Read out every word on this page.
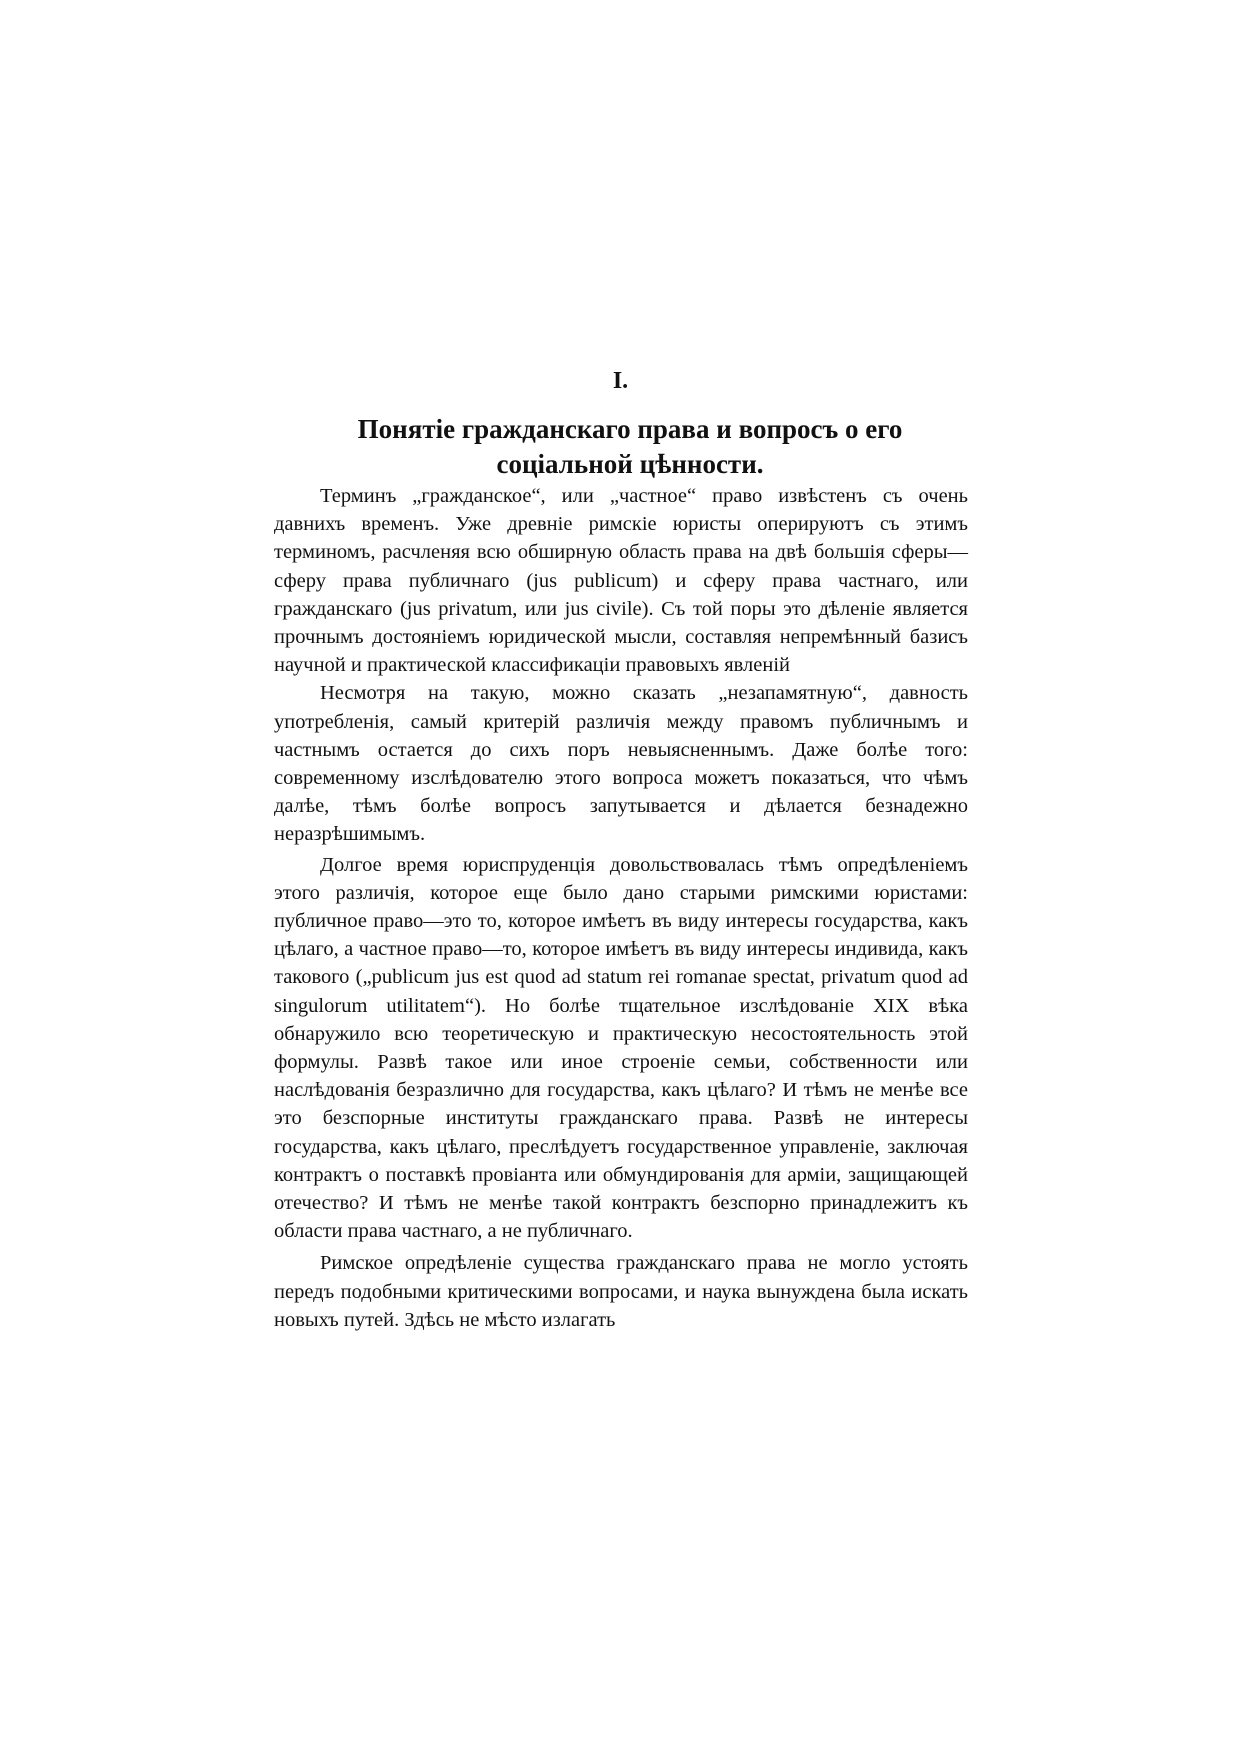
I.
Понятіе гражданскаго права и вопросъ о его
соціальной цѣнности.

Терминъ „гражданское“, или „частное“ право извѣстенъ съ очень давнихъ временъ. Уже древніе римскіе юристы оперируютъ съ этимъ терминомъ, расчленяя всю обширную область права на двѣ большія сферы—сферу права публичнаго (jus publicum) и сферу права частнаго, или гражданскаго (jus privatum, или jus civile). Съ той поры это дѣленіе является прочнымъ достояніемъ юридической мысли, составляя непремѣнный базисъ научной и практической классификаціи правовыхъ явленій

Несмотря на такую, можно сказать „незапамятную“, давность употребленія, самый критерій различія между правомъ публичнымъ и частнымъ остается до сихъ поръ невыясненнымъ. Даже болѣе того: современному изслѣдователю этого вопроса можетъ показаться, что чѣмъ далѣе, тѣмъ болѣе вопросъ запутывается и дѣлается безнадежно неразрѣшимымъ.

Долгое время юриспруденція довольствовалась тѣмъ опредѣленіемъ этого различія, которое еще было дано старыми римскими юристами: публичное право—это то, которое имѣетъ въ виду интересы государства, какъ цѣлаго, а частное право—то, которое имѣетъ въ виду интересы индивида, какъ такового („publicum jus est quod ad statum rei romanae spectat, privatum quod ad singulorum utilitatem“). Но болѣе тщательное изслѣдованіе XIX вѣка обнаружило всю теоретическую и практическую несостоятельность этой формулы. Развѣ такое или иное строеніе семьи, собственности или наслѣдованія безразлично для государства, какъ цѣлаго? И тѣмъ не менѣе все это безспорные институты гражданскаго права. Развѣ не интересы государства, какъ цѣлаго, преслѣдуетъ государственное управленіе, заключая контрактъ о поставкѣ провіанта или обмундированія для арміи, защищающей отечество? И тѣмъ не менѣе такой контрактъ безспорно принадлежитъ къ области права частнаго, а не публичнаго.

Римское опредѣленіе существа гражданскаго права не могло устоять передъ подобными критическими вопросами, и наука вынуждена была искать новыхъ путей. Здѣсь не мѣсто излагать
